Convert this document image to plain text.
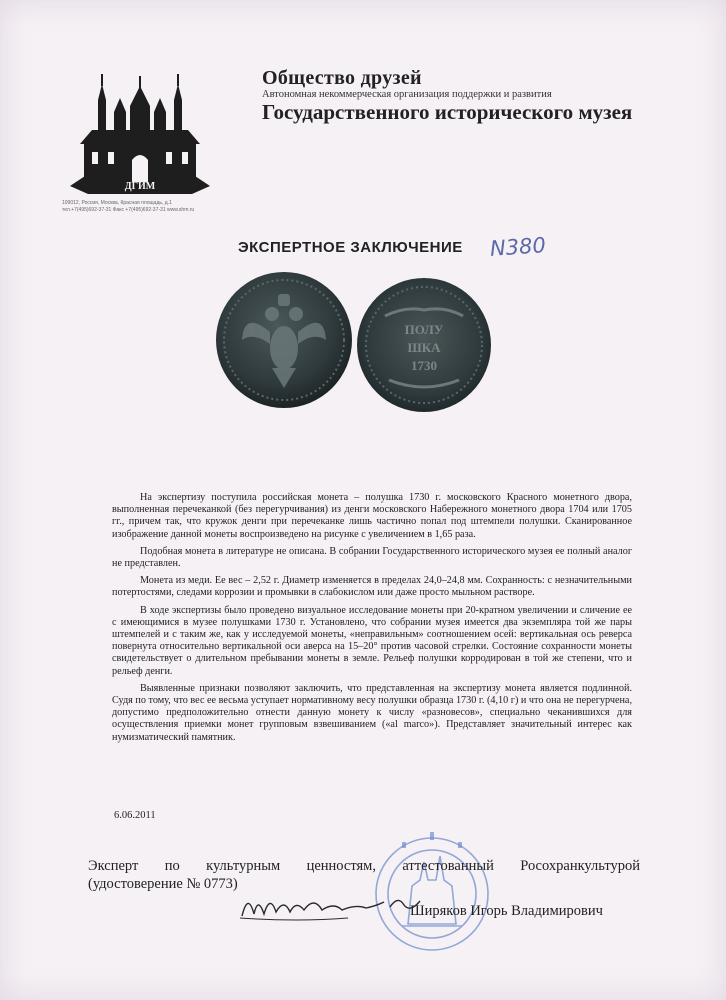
ДГИМ
Общество друзей
Автономная некоммерческая организация поддержки и развития
Государственного исторического музея
109012, Россия, Москва, Красная площадь, д.1
тел.+7(495)692-37-31 Факс +7(495)692-37-31 www.shm.ru
ЭКСПЕРТНОЕ ЗАКЛЮЧЕНИЕ N380
ПОЛУ
ШКА
1730

На экспертизу поступила российская монета – полушка 1730 г. московского Красного монетного двора, выполненная перечеканкой (без перегурчивания) из денги московского Набережного монетного двора 1704 или 1705 гг., причем так, что кружок денги при перечеканке лишь частично попал под штемпели полушки. Сканированное изображение данной монеты воспроизведено на рисунке с увеличением в 1,65 раза.

Подобная монета в литературе не описана. В собрании Государственного исторического музея ее полный аналог не представлен.

Монета из меди. Ее вес – 2,52 г. Диаметр изменяется в пределах 24,0–24,8 мм. Сохранность: с незначительными потертостями, следами коррозии и промывки в слабокислом или даже просто мыльном растворе.

В ходе экспертизы было проведено визуальное исследование монеты при 20-кратном увеличении и сличение ее с имеющимися в музее полушками 1730 г. Установлено, что собрании музея имеется два экземпляра той же пары штемпелей и с таким же, как у исследуемой монеты, «неправильным» соотношением осей: вертикальная ось реверса повернута относительно вертикальной оси аверса на 15–20° против часовой стрелки. Состояние сохранности монеты свидетельствует о длительном пребывании монеты в земле. Рельеф полушки корродирован в той же степени, что и рельеф денги.

Выявленные признаки позволяют заключить, что представленная на экспертизу монета является подлинной. Судя по тому, что вес ее весьма уступает нормативному весу полушки образца 1730 г. (4,10 г) и что она не перегурчена, допустимо предположительно отнести данную монету к числу «разновесов», специально чеканившихся для осуществления приемки монет групповым взвешиванием («al marco»). Представляет значительный интерес как нумизматический памятник.

6.06.2011
Эксперт по культурным ценностям, аттестованный Росохранкультурой
(удостоверение № 0773)
Ширяков Игорь Владимирович
